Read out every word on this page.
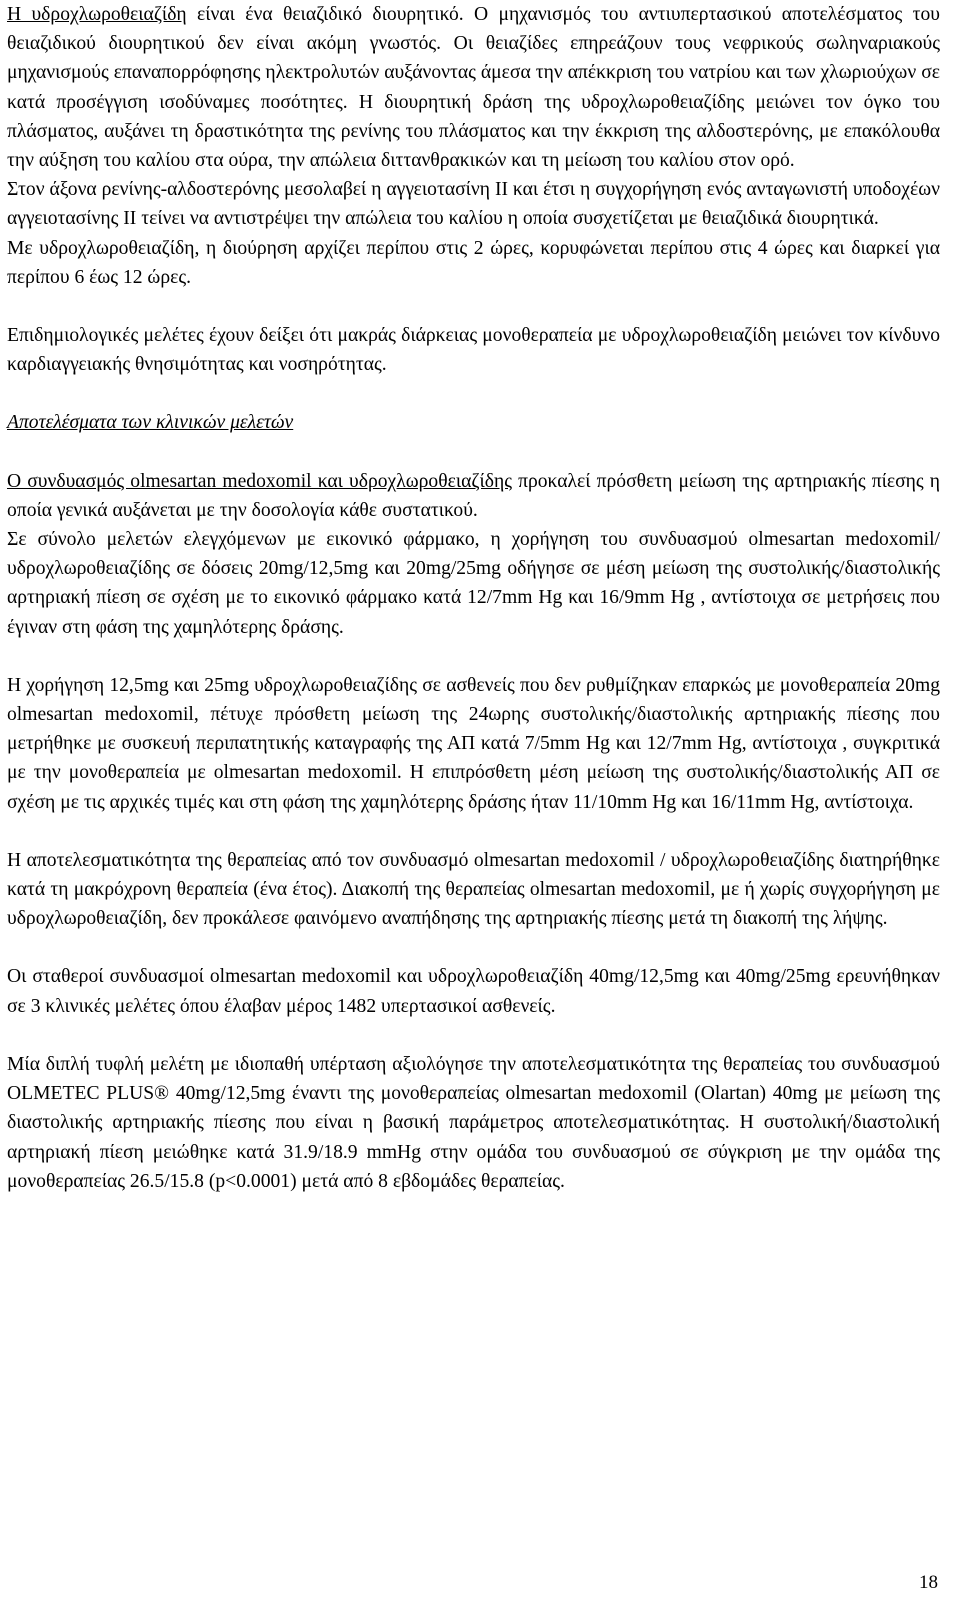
Η υδροχλωροθειαζίδη είναι ένα θειαζιδικό διουρητικό. Ο μηχανισμός του αντιυπερτασικού αποτελέσματος του θειαζιδικού διουρητικού δεν είναι ακόμη γνωστός. Οι θειαζίδες επηρεάζουν τους νεφρικούς σωληναριακούς μηχανισμούς επαναπορρόφησης ηλεκτρολυτών αυξάνοντας άμεσα την απέκκριση του νατρίου και των χλωριούχων σε κατά προσέγγιση ισοδύναμες ποσότητες. Η διουρητική δράση της υδροχλωροθειαζίδης μειώνει τον όγκο του πλάσματος, αυξάνει τη δραστικότητα της ρενίνης του πλάσματος και την έκκριση της αλδοστερόνης, με επακόλουθα την αύξηση του καλίου στα ούρα, την απώλεια διττανθρακικών και τη μείωση του καλίου στον ορό.

Στον άξονα ρενίνης-αλδοστερόνης μεσολαβεί η αγγειοτασίνη II και έτσι η συγχορήγηση ενός ανταγωνιστή υποδοχέων αγγειοτασίνης II τείνει να αντιστρέψει την απώλεια του καλίου η οποία συσχετίζεται με θειαζιδικά διουρητικά.

Με υδροχλωροθειαζίδη, η διούρηση αρχίζει περίπου στις 2 ώρες, κορυφώνεται περίπου στις 4 ώρες και διαρκεί για περίπου 6 έως 12 ώρες.

Επιδημιολογικές μελέτες έχουν δείξει ότι μακράς διάρκειας μονοθεραπεία με υδροχλωροθειαζίδη μειώνει τον κίνδυνο καρδιαγγειακής θνησιμότητας και νοσηρότητας.

Αποτελέσματα των κλινικών μελετών

Ο συνδυασμός olmesartan medoxomil και υδροχλωροθειαζίδης προκαλεί πρόσθετη μείωση της αρτηριακής πίεσης η οποία γενικά αυξάνεται με την δοσολογία κάθε συστατικού.

Σε σύνολο μελετών ελεγχόμενων με εικονικό φάρμακο, η χορήγηση του συνδυασμού olmesartan medoxomil/υδροχλωροθειαζίδης σε δόσεις 20mg/12,5mg και 20mg/25mg οδήγησε σε μέση μείωση της συστολικής/διαστολικής αρτηριακή πίεση σε σχέση με το εικονικό φάρμακο κατά 12/7mm Hg και 16/9mm Hg , αντίστοιχα σε μετρήσεις που έγιναν στη φάση της χαμηλότερης δράσης.

Η χορήγηση 12,5mg και 25mg υδροχλωροθειαζίδης σε ασθενείς που δεν ρυθμίζηκαν επαρκώς με μονοθεραπεία 20mg olmesartan medoxomil, πέτυχε πρόσθετη μείωση της 24ωρης συστολικής/διαστολικής αρτηριακής πίεσης που μετρήθηκε με συσκευή περιπατητικής καταγραφής της ΑΠ κατά 7/5mm Hg και 12/7mm Hg, αντίστοιχα , συγκριτικά με την μονοθεραπεία με olmesartan medoxomil. Η επιπρόσθετη μέση μείωση της συστολικής/διαστολικής ΑΠ σε σχέση με τις αρχικές τιμές και στη φάση της χαμηλότερης δράσης ήταν 11/10mm Hg και 16/11mm Hg, αντίστοιχα.

Η αποτελεσματικότητα της θεραπείας από τον συνδυασμό olmesartan medoxomil / υδροχλωροθειαζίδης διατηρήθηκε κατά τη μακρόχρονη θεραπεία (ένα έτος). Διακοπή της θεραπείας olmesartan medoxomil, με ή χωρίς συγχορήγηση με υδροχλωροθειαζίδη, δεν προκάλεσε φαινόμενο αναπήδησης της αρτηριακής πίεσης μετά τη διακοπή της λήψης.

Οι σταθεροί συνδυασμοί olmesartan medoxomil και υδροχλωροθειαζίδη 40mg/12,5mg και 40mg/25mg ερευνήθηκαν σε 3 κλινικές μελέτες όπου έλαβαν μέρος 1482 υπερτασικοί ασθενείς.

Μία διπλή τυφλή μελέτη με ιδιοπαθή υπέρταση αξιολόγησε την αποτελεσματικότητα της θεραπείας του συνδυασμού OLMETEC PLUS® 40mg/12,5mg έναντι της μονοθεραπείας olmesartan medoxomil (Olartan) 40mg με μείωση της διαστολικής αρτηριακής πίεσης που είναι η βασική παράμετρος αποτελεσματικότητας. Η συστολική/διαστολική αρτηριακή πίεση μειώθηκε κατά 31.9/18.9 mmHg στην ομάδα του συνδυασμού σε σύγκριση με την ομάδα της μονοθεραπείας 26.5/15.8 (p<0.0001) μετά από 8 εβδομάδες θεραπείας.

18
